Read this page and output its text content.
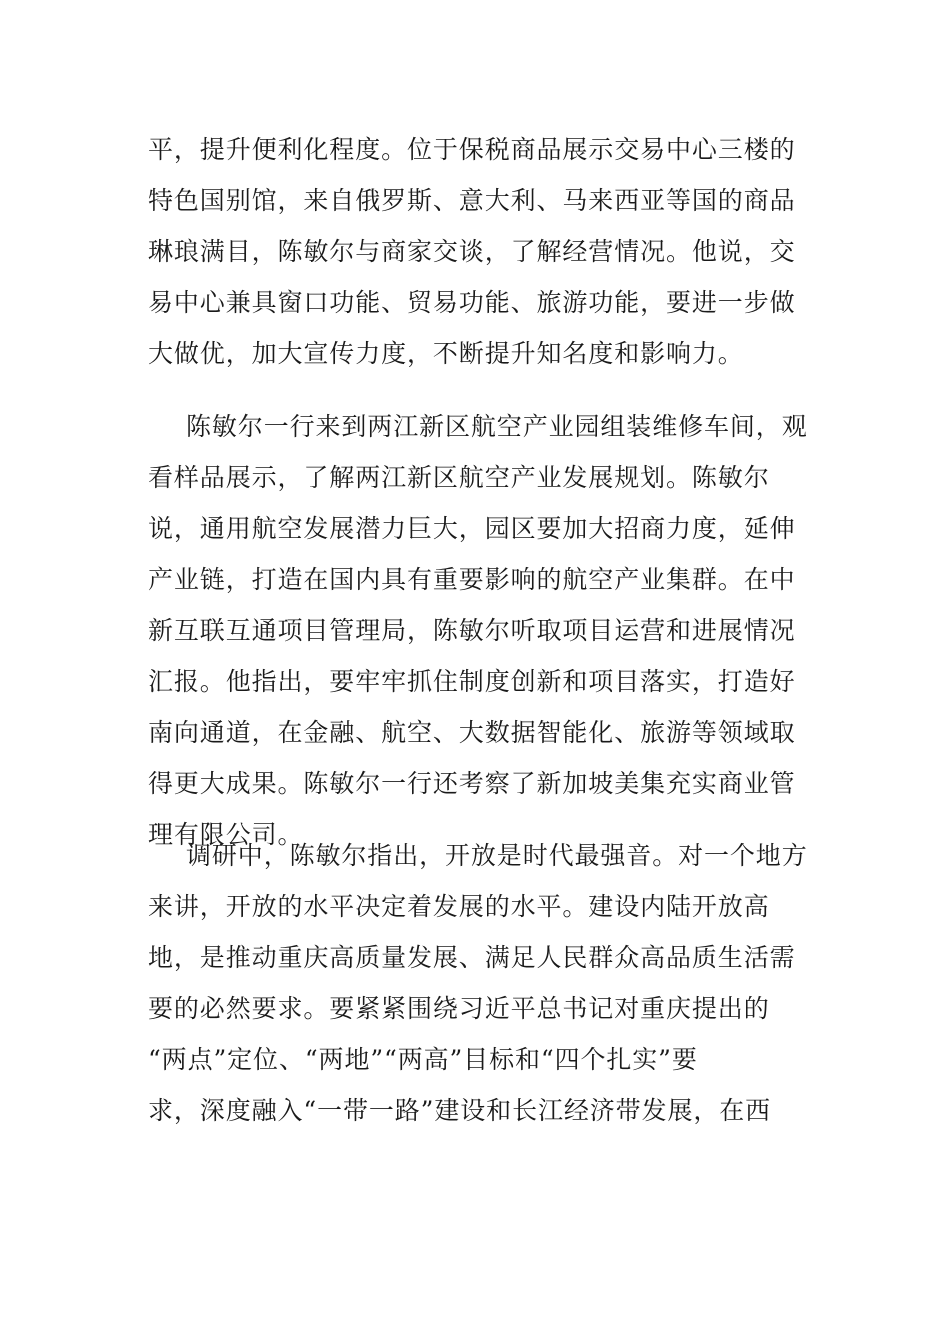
平，提升便利化程度。位于保税商品展示交易中心三楼的
特色国别馆，来自俄罗斯、意大利、马来西亚等国的商品
琳琅满目，陈敏尔与商家交谈，了解经营情况。他说，交
易中心兼具窗口功能、贸易功能、旅游功能，要进一步做
大做优，加大宣传力度，不断提升知名度和影响力。
陈敏尔一行来到两江新区航空产业园组装维修车间，观
看样品展示，了解两江新区航空产业发展规划。陈敏尔
说，通用航空发展潜力巨大，园区要加大招商力度，延伸
产业链，打造在国内具有重要影响的航空产业集群。在中
新互联互通项目管理局，陈敏尔听取项目运营和进展情况
汇报。他指出，要牢牢抓住制度创新和项目落实，打造好
南向通道，在金融、航空、大数据智能化、旅游等领域取
得更大成果。陈敏尔一行还考察了新加坡美集充实商业管
理有限公司。
调研中，陈敏尔指出，开放是时代最强音。对一个地方
来讲，开放的水平决定着发展的水平。建设内陆开放高
地，是推动重庆高质量发展、满足人民群众高品质生活需
要的必然要求。要紧紧围绕习近平总书记对重庆提出的
“两点”定位、“两地”“两高”目标和“四个扎实”要
求，深度融入“一带一路”建设和长江经济带发展，在西
